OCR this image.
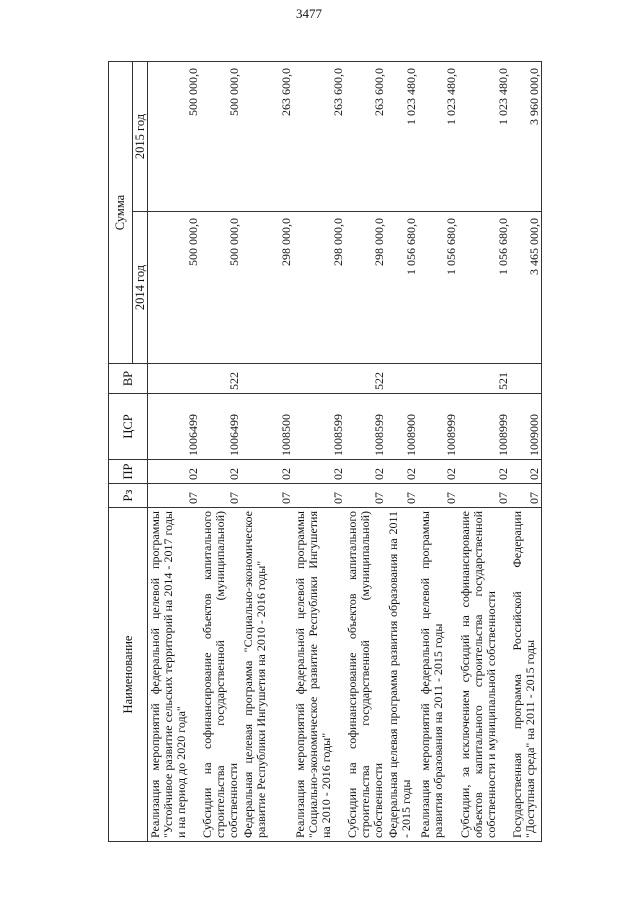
3477
Наименование	Рз	ПР	ЦСР	ВР	Сумма	
					2014 год	2015 год
Реализация мероприятий федеральной целевой программы "Устойчивое развитие сельских территорий на 2014 - 2017 годы и на период до 2020 года"	07	02	1006499		500 000,0	500 000,0
Субсидии на софинансирование объектов капитального строительства государственной (муниципальной) собственности	07	02	1006499	522	500 000,0	500 000,0
Федеральная целевая программа "Социально-экономическое развитие Республики Ингушетия на 2010 - 2016 годы"	07	02	1008500		298 000,0	263 600,0
Реализация мероприятий федеральной целевой программы "Социально-экономическое развитие Республики Ингушетия на 2010 - 2016 годы"	07	02	1008599		298 000,0	263 600,0
Субсидии на софинансирование объектов капитального строительства государственной (муниципальной) собственности	07	02	1008599	522	298 000,0	263 600,0
Федеральная целевая программа развития образования на 2011 - 2015 годы	07	02	1008900		1 056 680,0	1 023 480,0
Реализация мероприятий федеральной целевой программы развития образования на 2011 - 2015 годы	07	02	1008999		1 056 680,0	1 023 480,0
Субсидии, за исключением субсидий на софинансирование объектов капитального строительства государственной собственности и муниципальной собственности	07	02	1008999	521	1 056 680,0	1 023 480,0
Государственная программа Российской Федерации "Доступная среда" на 2011 - 2015 годы	07	02	1009000		3 465 000,0	3 960 000,0
